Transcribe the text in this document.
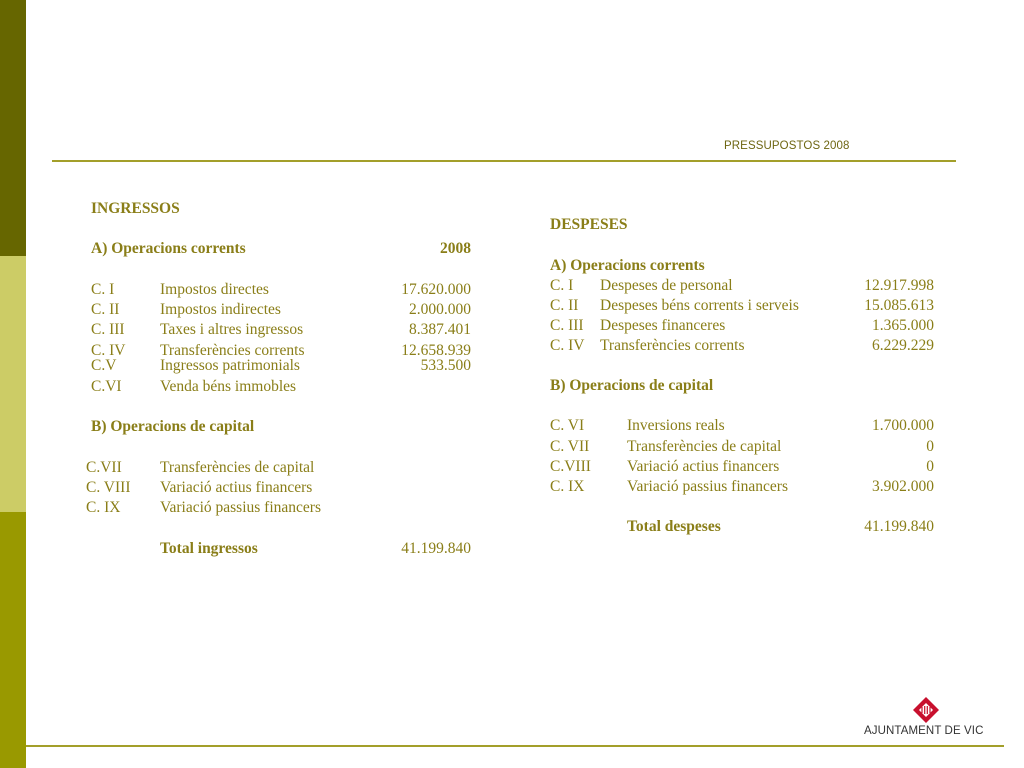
PRESSUPOSTOS 2008
INGRESSOS
A) Operacions corrents	2008
C. I	Impostos directes	17.620.000
C. II	Impostos indirectes	2.000.000
C. III Taxes i altres ingressos	8.387.401
C. IV Transferències corrents	12.658.939
C.V	Ingressos patrimonials	533.500
C.VI Venda béns immobles
B) Operacions de capital
C.VII Transferències de capital
C. VIII Variació actius financers
C. IX	Variació passius financers
Total ingressos	41.199.840
DESPESES
A) Operacions corrents
C. I Despeses de personal	12.917.998
C. II Despeses béns corrents i serveis	15.085.613
C. III Despeses financeres	1.365.000
C. IV Transferències corrents	6.229.229
B) Operacions de capital
C. VI	Inversions reals	1.700.000
C. VII Transferències de capital	0
C.VIII Variació actius financers	0
C. IX	Variació passius financers	3.902.000
Total despeses	41.199.840
AJUNTAMENT DE VIC
